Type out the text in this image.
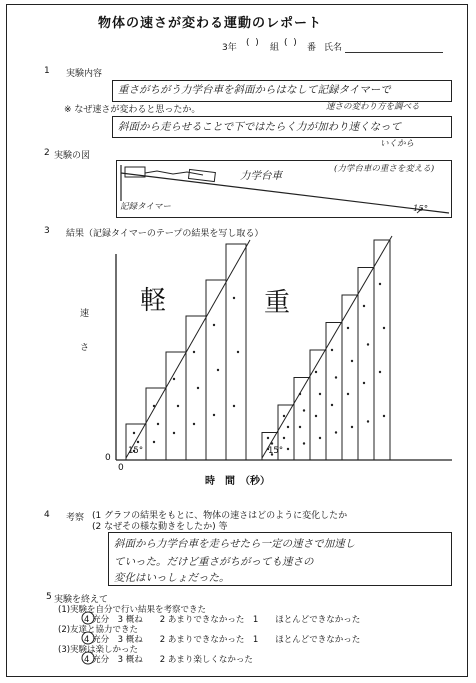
物体の速さが変わる運動のレポート
3年 (  ) 組 (  ) 番 氏名
1 実験内容
重さがちがう力学台車を斜面からはなして記録タイマーで
速さの変わり方を調べる
※ なぜ速さが変わると思ったか。
斜面から走らせることで下ではたらく力が加わり速くなって
いくから
2 実験の図
力学台車
(力学台車の重さを変える)
記録タイマー	15°
3 結果（記録タイマーのテープの結果を写し取る）
速
さ
0
0
軽	重
15°	15°
時　間　（秒）
4 考察 (1 グラフの結果をもとに、物体の速さはどのように変化したか
(2 なぜその様な動きをしたか) 等
斜面から力学台車を走らせたら一定の速さで加速し
ていった。だけど重さがちがっても速さの
変化はいっしょだった。
5 実験を終えて
(1)実験を自分で行い結果を考察できた
4 充分　3 概ね　　2 あまりできなかった　1　　ほとんどできなかった
(2)友達と協力できた
4 充分　3 概ね　　2 あまりできなかった　1　　ほとんどできなかった
(3)実験は楽しかった
4 充分　3 概ね　　2 あまり楽しくなかった
